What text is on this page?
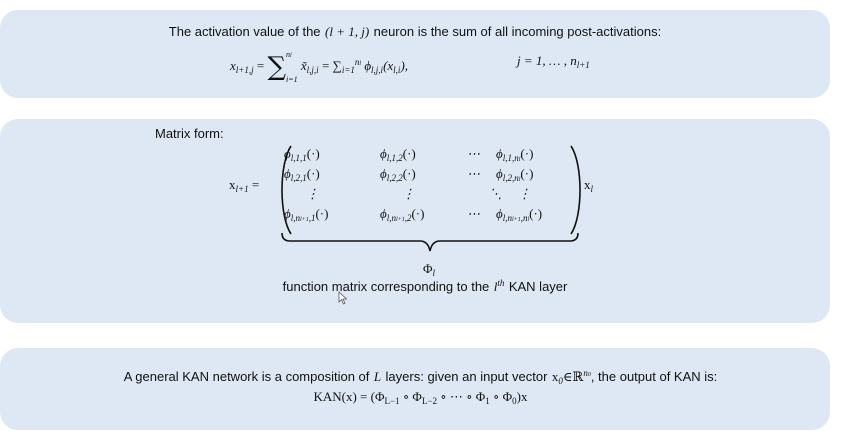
The activation value of the (l + 1, j) neuron is the sum of all incoming post-activations:
$x_{l+1,j}$ = ∑ nl
i=1
$x̃_{l,j,i} = \sum_{i=1}^{nl}$ $\phi_{l,j,i}(x_{l,i})$,	j = 1, … , $n_{l+1}$
Matrix form:
$x_{l+1}$ =
$\phi_{l,1,1}(\cdot)$	$\phi_{l,1,2}(\cdot)$	⋯ $\phi_{l,1,nl}(\cdot)$
$\phi_{l,2,1}(\cdot)$	$\phi_{l,2,2}(\cdot)$	⋯ $\phi_{l,2,nl}(\cdot)$
⋮	⋮	⋱ ⋮
$\phi_{l,nl+1,1}(\cdot)$	$\phi_{l,nl+1,2}(\cdot)$	⋯ $\phi_{l,nl+1,nl}(\cdot)$
$x_l$
$\Phi_l$
function matrix corresponding to the $l^{th}$ KAN layer
A general KAN network is a composition of L layers: given an input vector $x_0\in ℝ^{n0}$, the output of KAN is:
$KAN(x) = (\Phi_{L-1}$ ∘ $\Phi_{L-2}$ ∘ ⋯ ∘ $\Phi_1$ ∘ $\Phi_0)x$
